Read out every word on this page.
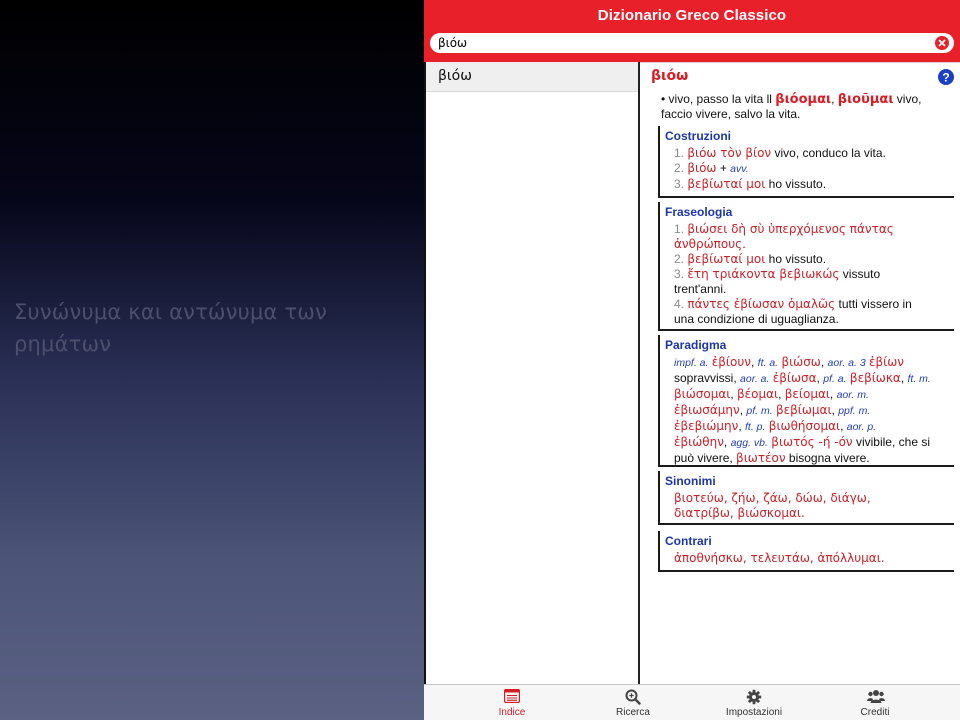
Συνώνυμα και αντώνυμα των ρημάτων
Dizionario Greco Classico
βιόω
βιόω	βιόω	?
• vivo, passo la vita ll βιόομαι, βιοῦμαι vivo,
faccio vivere, salvo la vita.
Costruzioni
1. βιόω τὸν βίον vivo, conduco la vita.
2. βιόω + avv.
3. βεβίωταί μοι ho vissuto.
Fraseologia
1. βιώσει δὴ σὺ ὑπερχόμενος πάντας
ἀνθρώπους.
2. βεβίωταί μοι ho vissuto.
3. ἔτη τριάκοντα βεβιωκώς vissuto
trent'anni.
4. πάντες ἐβίωσαν ὁμαλῶς tutti vissero in
una condizione di uguaglianza.
Paradigma
impf. a. ἐβίουν, ft. a. βιώσω, aor. a. 3 ἐβίων
sopravvissi, aor. a. ἐβίωσα, pf. a. βεβίωκα, ft. m.
βιώσομαι, βέομαι, βείομαι, aor. m.
ἐβιωσάμην, pf. m. βεβίωμαι, ppf. m.
ἐβεβιώμην, ft. p. βιωθήσομαι, aor. p.
ἐβιώθην, agg. vb. βιωτός -ή -όν vivibile, che si
può vivere, βιωτέον bisogna vivere.
Sinonimi
βιοτεύω, ζήω, ζάω, δώω, διάγω,
διατρίβω, βιώσκομαι.
Contrari
ἀποθνήσκω, τελευτάω, ἀπόλλυμαι.
Indice	Ricerca	Impostazioni	Crediti
